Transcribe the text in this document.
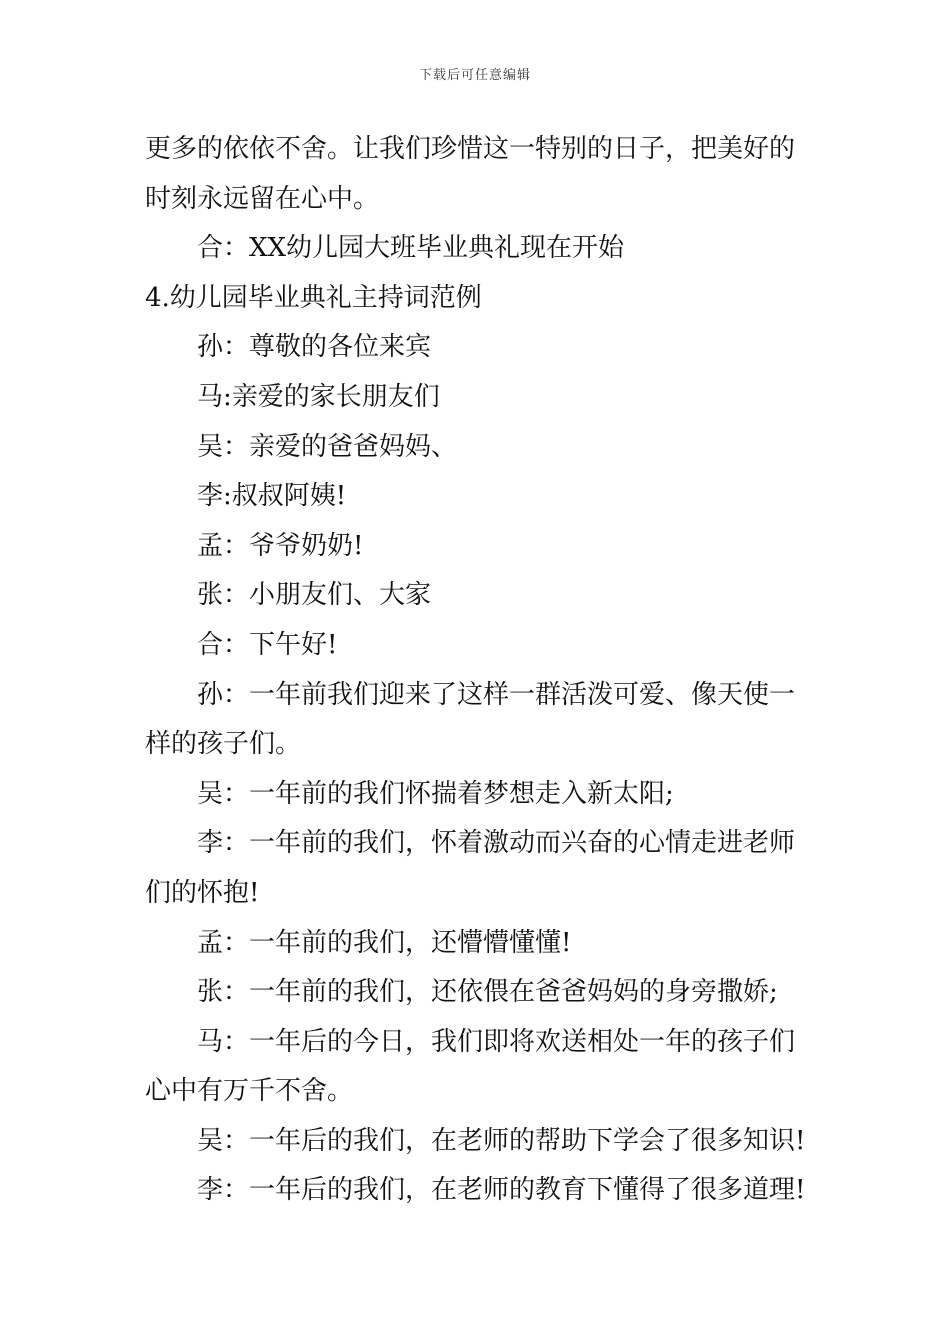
下载后可任意编辑

更多的依依不舍。让我们珍惜这一特别的日子，把美好的

时刻永远留在心中。

合：XX幼儿园大班毕业典礼现在开始

4.幼儿园毕业典礼主持词范例

孙：尊敬的各位来宾

马:亲爱的家长朋友们

吴：亲爱的爸爸妈妈、

李:叔叔阿姨!

孟：爷爷奶奶!

张：小朋友们、大家

合：下午好!

孙：一年前我们迎来了这样一群活泼可爱、像天使一

样的孩子们。

吴：一年前的我们怀揣着梦想走入新太阳;

李：一年前的我们，怀着激动而兴奋的心情走进老师

们的怀抱!

孟：一年前的我们，还懵懵懂懂!

张：一年前的我们，还依偎在爸爸妈妈的身旁撒娇;

马：一年后的今日，我们即将欢送相处一年的孩子们

心中有万千不舍。

吴：一年后的我们，在老师的帮助下学会了很多知识!

李：一年后的我们，在老师的教育下懂得了很多道理!
